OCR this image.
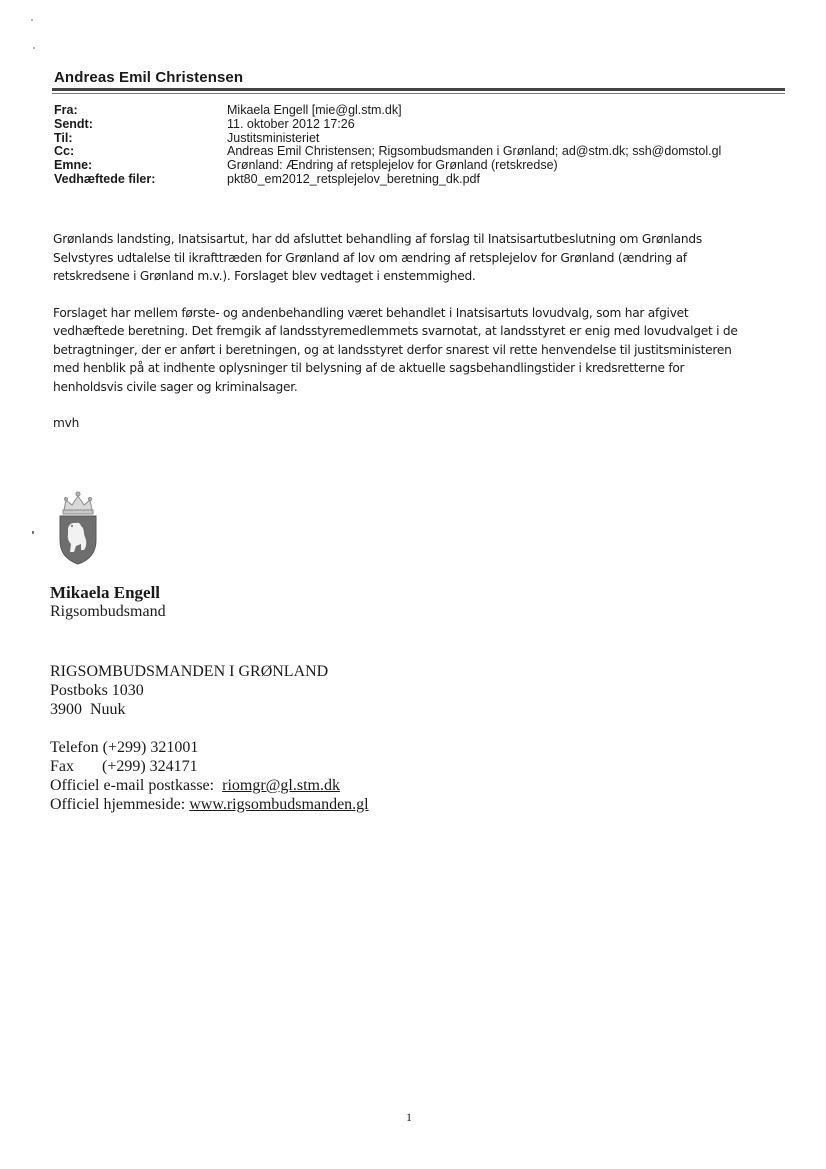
Andreas Emil Christensen
Fra:	Mikaela Engell [mie@gl.stm.dk]
Sendt:	11. oktober 2012 17:26
Til:	Justitsministeriet
Cc:	Andreas Emil Christensen; Rigsombudsmanden i Grønland; ad@stm.dk; ssh@domstol.gl
Emne:	Grønland: Ændring af retsplejelov for Grønland (retskredse)
Vedhæftede filer:	pkt80_em2012_retsplejelov_beretning_dk.pdf

Grønlands landsting, Inatsisartut, har dd afsluttet behandling af forslag til Inatsisartutbeslutning om Grønlands

Selvstyres udtalelse til ikrafttræden for Grønland af lov om ændring af retsplejelov for Grønland (ændring af

retskredsene i Grønland m.v.). Forslaget blev vedtaget i enstemmighed.

Forslaget har mellem første- og andenbehandling været behandlet i Inatsisartuts lovudvalg, som har afgivet

vedhæftede beretning. Det fremgik af landsstyremedlemmets svarnotat, at landsstyret er enig med lovudvalget i de

betragtninger, der er anført i beretningen, og at landsstyret derfor snarest vil rette henvendelse til justitsministeren

med henblik på at indhente oplysninger til belysning af de aktuelle sagsbehandlingstider i kredsretterne for

henholdsvis civile sager og kriminalsager.

mvh

Mikaela Engell
Rigsombudsmand
RIGSOMBUDSMANDEN I GRØNLAND
Postboks 1030
3900  Nuuk
Telefon (+299) 321001
Fax (+299) 324171
Officiel e-mail postkasse: riomgr@gl.stm.dk
Officiel hjemmeside: www.rigsombudsmanden.gl
1
